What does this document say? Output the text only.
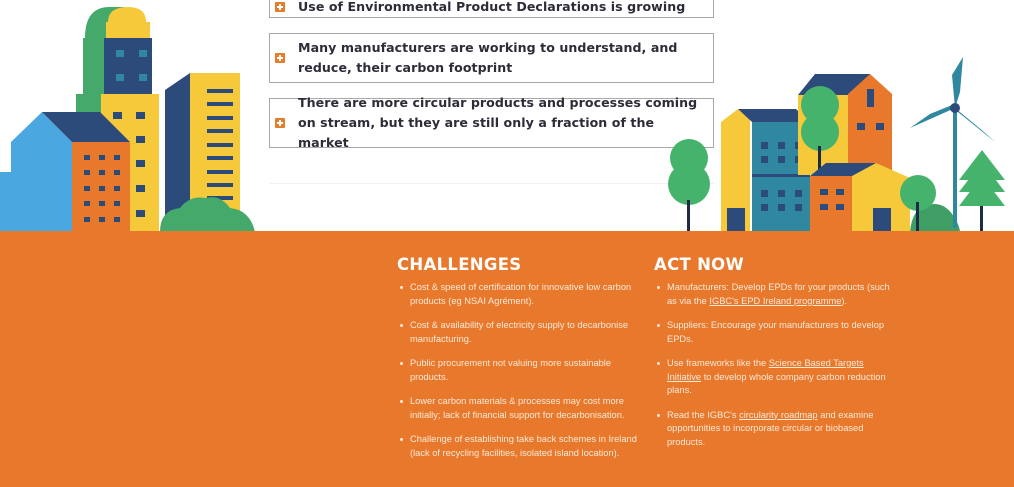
Use of Environmental Product Declarations is growing
Many manufacturers are working to understand, and reduce, their carbon footprint
There are more circular products and processes coming on stream, but they are still only a fraction of the market
CHALLENGES
Cost & speed of certification for innovative low carbon products (eg NSAI Agrément).
Cost & availability of electricity supply to decarbonise manufacturing.
Public procurement not valuing more sustainable products.
Lower carbon materials & processes may cost more initially; lack of financial support for decarbonisation.
Challenge of establishing take back schemes in Ireland (lack of recycling facilities, isolated island location).
ACT NOW
Manufacturers: Develop EPDs for your products (such as via the IGBC's EPD Ireland programme).
Suppliers: Encourage your manufacturers to develop EPDs.
Use frameworks like the Science Based Targets Initiative to develop whole company carbon reduction plans.
Read the IGBC's circularity roadmap and examine opportunities to incorporate circular or biobased products.
